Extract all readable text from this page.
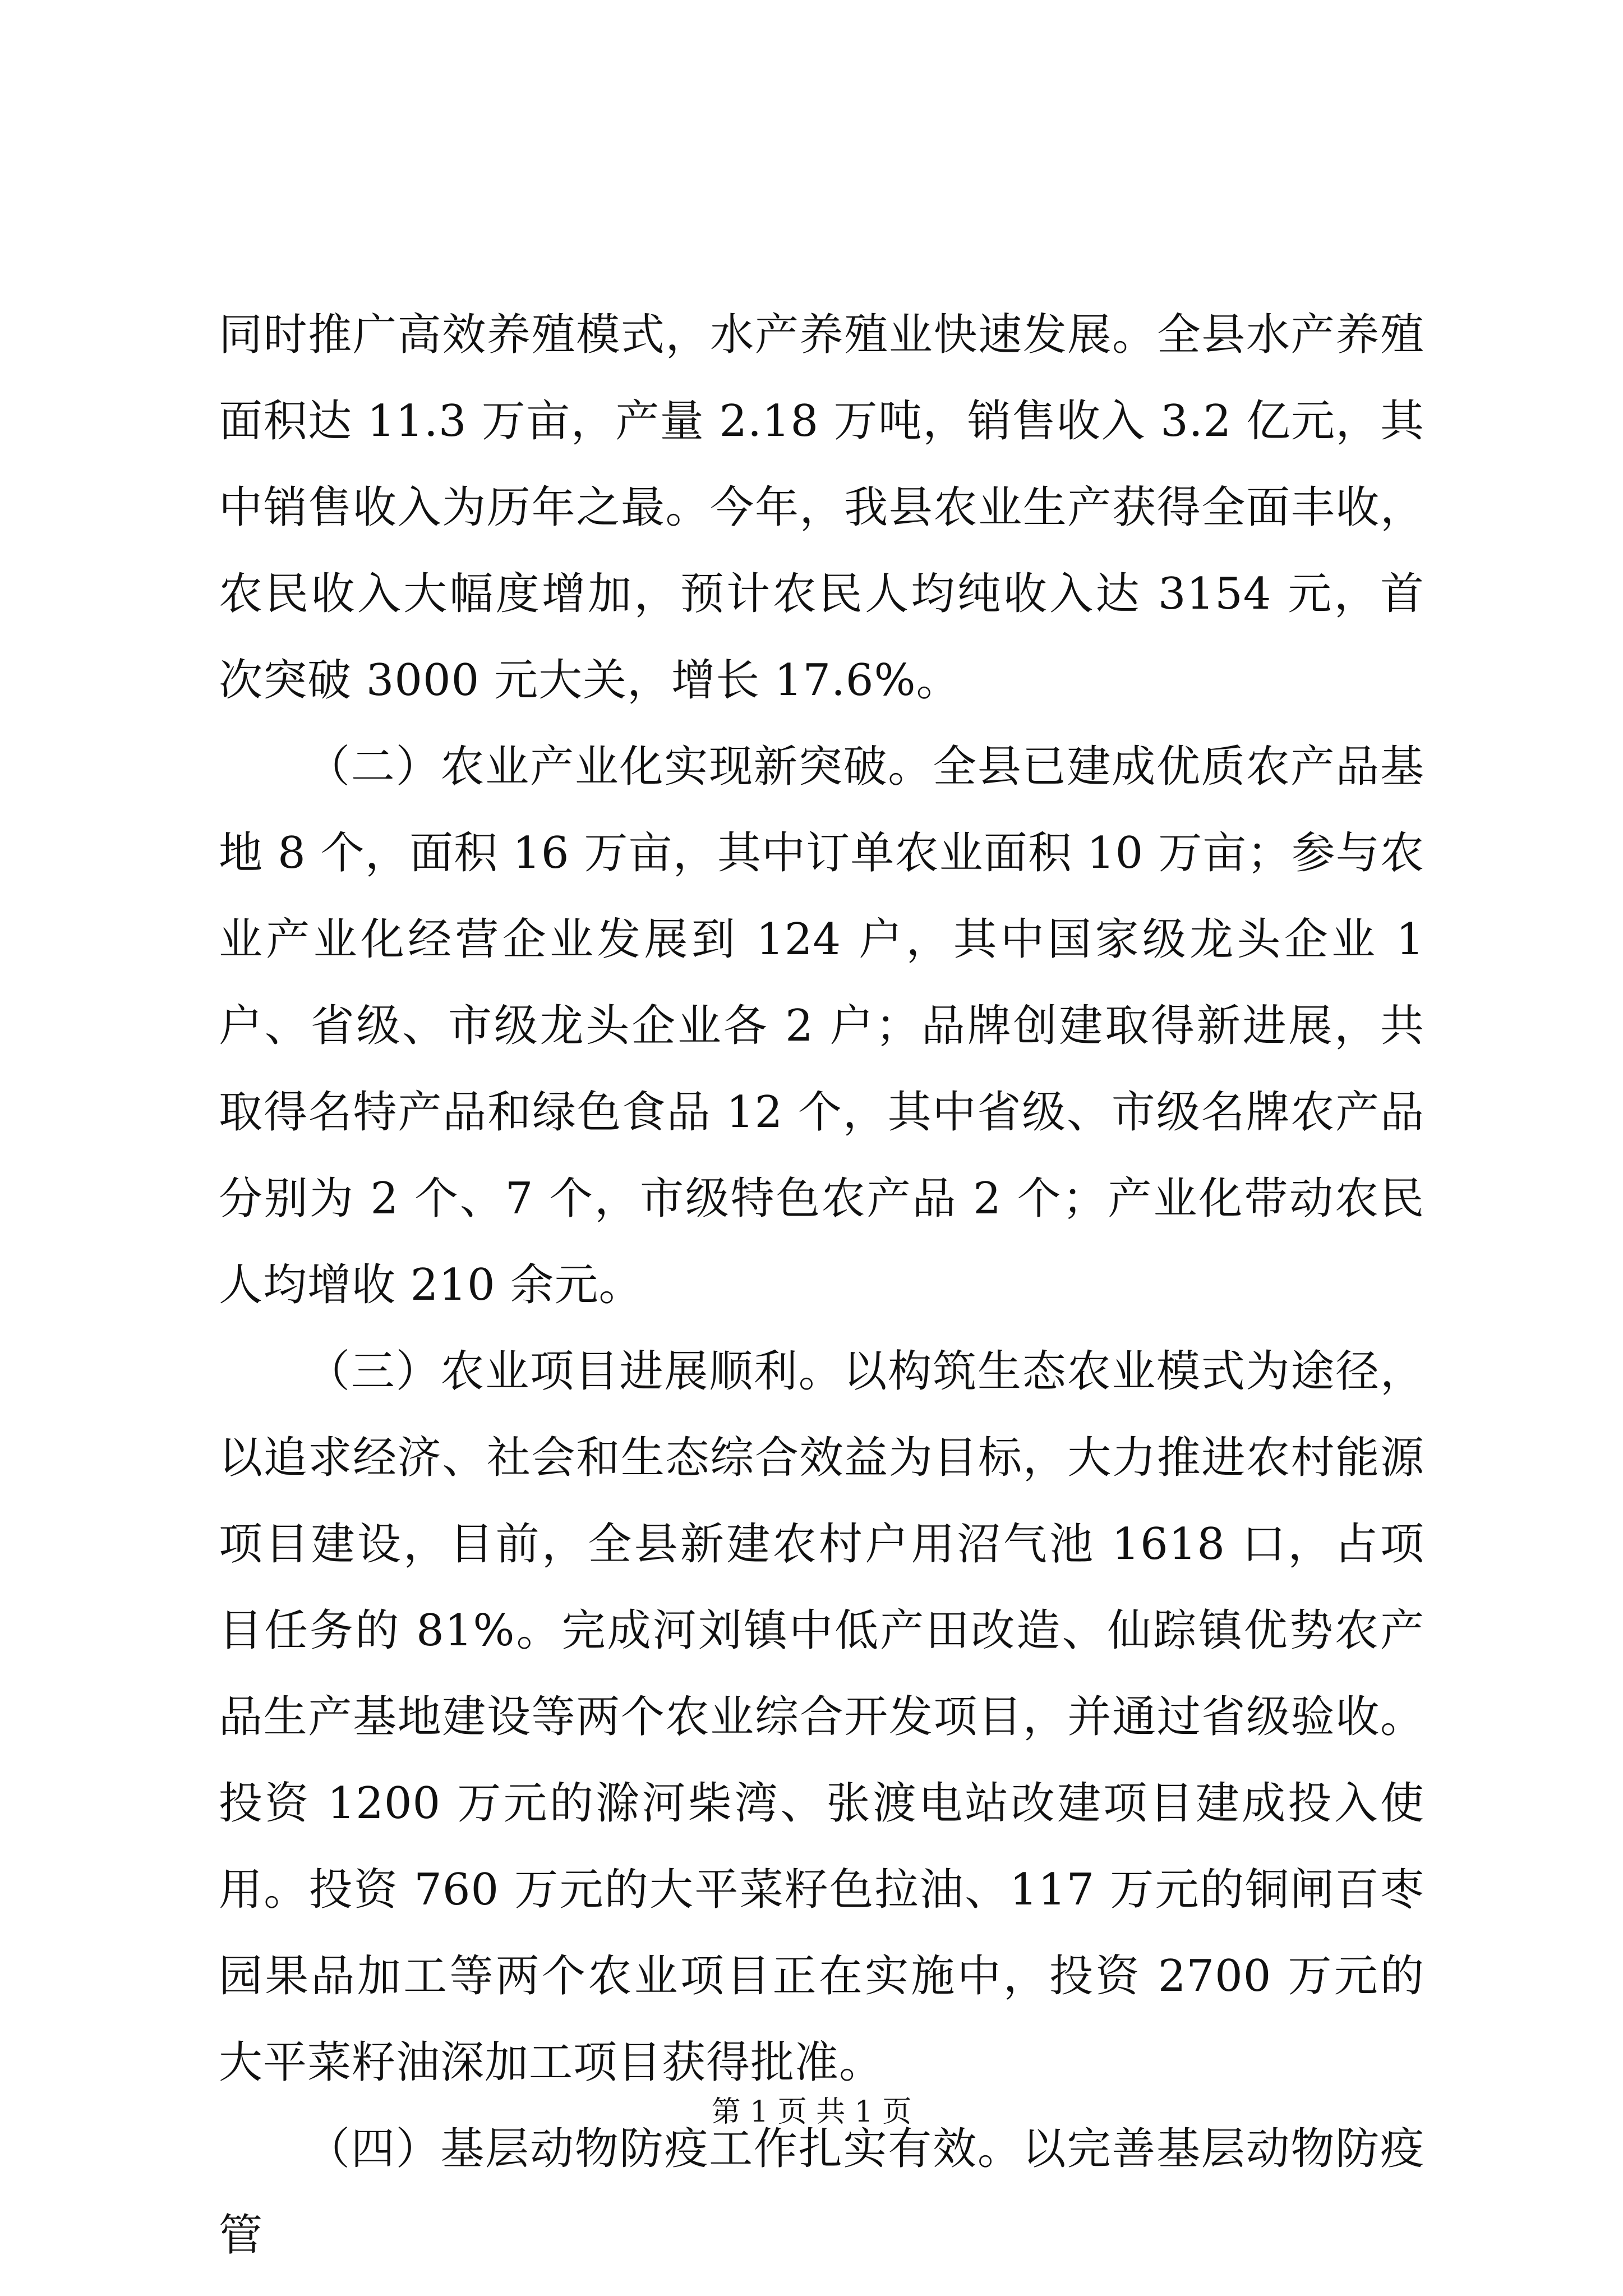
同时推广高效养殖模式，水产养殖业快速发展。全县水产养殖面积达 11.3 万亩，产量 2.18 万吨，销售收入 3.2 亿元，其中销售收入为历年之最。今年，我县农业生产获得全面丰收，农民收入大幅度增加，预计农民人均纯收入达 3154 元，首次突破 3000 元大关，增长 17.6%。

（二）农业产业化实现新突破。全县已建成优质农产品基地 8 个，面积 16 万亩，其中订单农业面积 10 万亩；参与农业产业化经营企业发展到 124 户，其中国家级龙头企业 1 户、省级、市级龙头企业各 2 户；品牌创建取得新进展，共取得名特产品和绿色食品 12 个，其中省级、市级名牌农产品分别为 2 个、7 个，市级特色农产品 2 个；产业化带动农民人均增收 210 余元。

（三）农业项目进展顺利。以构筑生态农业模式为途径，以追求经济、社会和生态综合效益为目标，大力推进农村能源项目建设，目前，全县新建农村户用沼气池 1618 口，占项目任务的 81%。完成河刘镇中低产田改造、仙踪镇优势农产品生产基地建设等两个农业综合开发项目，并通过省级验收。投资 1200 万元的滁河柴湾、张渡电站改建项目建成投入使用。投资 760 万元的大平菜籽色拉油、117 万元的铜闸百枣园果品加工等两个农业项目正在实施中，投资 2700 万元的大平菜籽油深加工项目获得批准。

（四）基层动物防疫工作扎实有效。以完善基层动物防疫管

第 1 页 共 1 页
